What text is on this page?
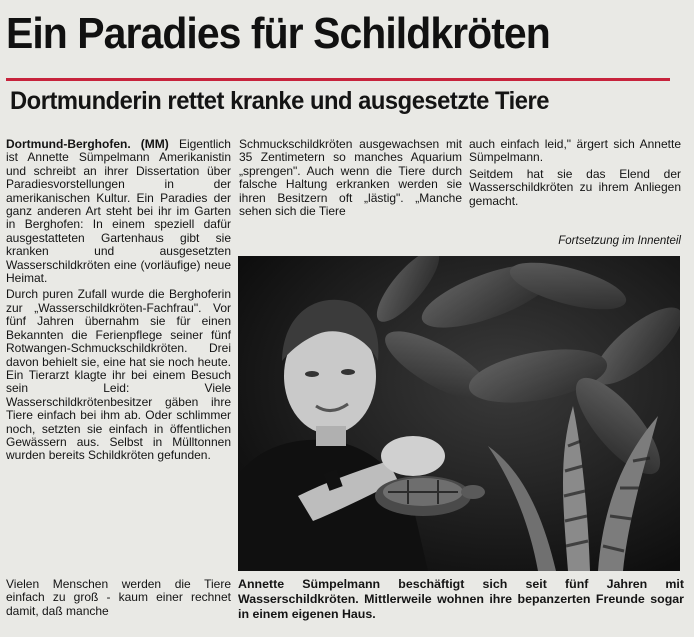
Ein Paradies für Schildkröten
Dortmunderin rettet kranke und ausgesetzte Tiere

Dortmund-Berghofen. (MM) Eigentlich ist Annette Sümpelmann Amerikanistin und schreibt an ihrer Dissertation über Paradiesvorstellungen in der amerikanischen Kultur. Ein Paradies der ganz anderen Art steht bei ihr im Garten in Berghofen: In einem speziell dafür ausgestatteten Gartenhaus gibt sie kranken und ausgesetzten Wasserschildkröten eine (vorläufige) neue Heimat.

Durch puren Zufall wurde die Berghoferin zur „Wasserschildkröten-Fachfrau". Vor fünf Jahren übernahm sie für einen Bekannten die Ferienpflege seiner fünf Rotwangen-Schmuckschildkröten. Drei davon behielt sie, eine hat sie noch heute. Ein Tierarzt klagte ihr bei einem Besuch sein Leid: Viele Wasserschildkrötenbesitzer gäben ihre Tiere einfach bei ihm ab. Oder schlimmer noch, setzten sie einfach in öffentlichen Gewässern aus. Selbst in Mülltonnen wurden bereits Schildkröten gefunden.

Vielen Menschen werden die Tiere einfach zu groß - kaum einer rechnet damit, daß manche

Schmuckschildkröten ausgewachsen mit 35 Zentimetern so manches Aquarium „sprengen". Auch wenn die Tiere durch falsche Haltung erkranken werden sie ihren Besitzern oft „lästig". „Manche sehen sich die Tiere

auch einfach leid," ärgert sich Annette Sümpelmann.

Seitdem hat sie das Elend der Wasserschildkröten zu ihrem Anliegen gemacht.

Fortsetzung im Innenteil
Annette Sümpelmann beschäftigt sich seit fünf Jahren mit Wasserschildkröten. Mittlerweile wohnen ihre bepanzerten Freunde sogar in einem eigenen Haus.
